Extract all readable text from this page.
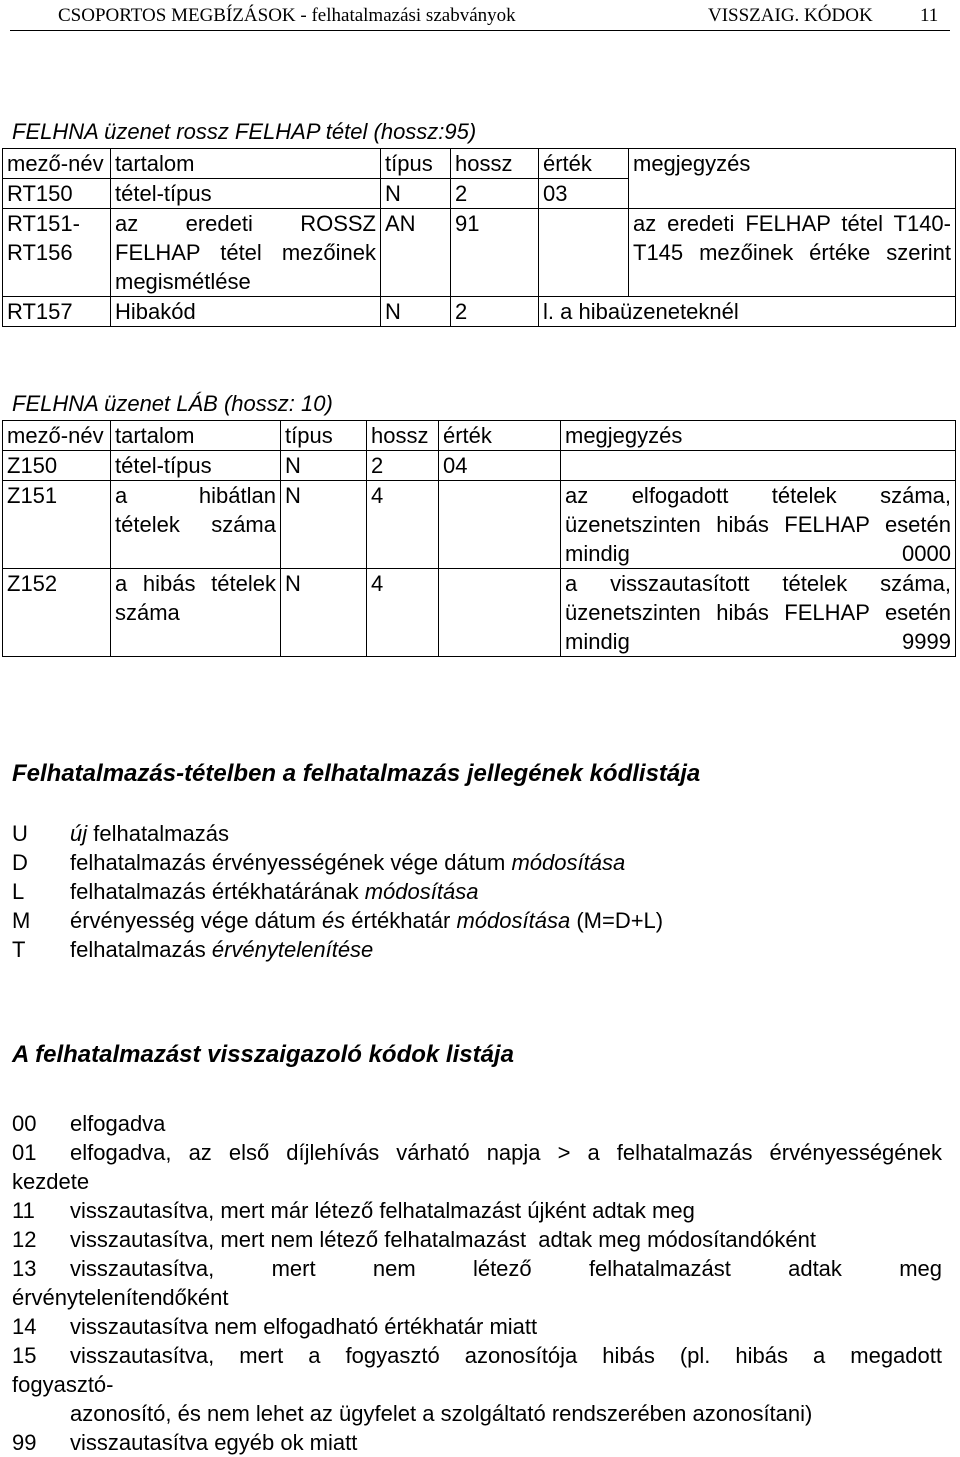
CSOPORTOS MEGBÍZÁSOK - felhatalmazási szabványok	VISSZAIG. KÓDOK 11
FELHNA üzenet rossz FELHAP tétel (hossz:95)
mező-név	tartalom	típus	hossz	érték	megjegyzés
RT150	tétel-típus	N	2	03	
RT151-RT156	az eredeti ROSSZ FELHAP tétel mezőinek megismétlése	AN	91		az eredeti FELHAP tétel T140-T145 mezőinek értéke szerint
RT157	Hibakód	N	2	l. a hibaüzeneteknél	
FELHNA üzenet LÁB (hossz: 10)
mező-név	tartalom	típus	hossz	érték	megjegyzés
Z150	tétel-típus	N	2	04	
Z151	a hibátlan tételek száma	N	4		az elfogadott tételek száma, üzenetszinten hibás FELHAP esetén mindig 0000
Z152	a hibás tételek száma	N	4		a visszautasított tételek száma, üzenetszinten hibás FELHAP esetén mindig 9999
Felhatalmazás-tételben a felhatalmazás jellegének kódlistája
U	új felhatalmazás
D	felhatalmazás érvényességének vége dátum módosítása
L	felhatalmazás értékhatárának módosítása
M	érvényesség vége dátum és értékhatár módosítása (M=D+L)
T	felhatalmazás érvénytelenítése
A felhatalmazást visszaigazoló kódok listája
00	elfogadva
01	elfogadva, az első díjlehívás várható napja > a felhatalmazás érvényességének
kezdete
11	visszautasítva, mert már létező felhatalmazást újként adtak meg
12	visszautasítva, mert nem létező felhatalmazást  adtak meg módosítandóként
13	visszautasítva, mert nem létező felhatalmazást adtak meg
érvénytelenítendőként
14	visszautasítva nem elfogadható értékhatár miatt
15	visszautasítva, mert a fogyasztó azonosítója hibás (pl. hibás a megadott
fogyasztó-
azonosító, és nem lehet az ügyfelet a szolgáltató rendszerében azonosítani)
99	visszautasítva egyéb ok miatt
